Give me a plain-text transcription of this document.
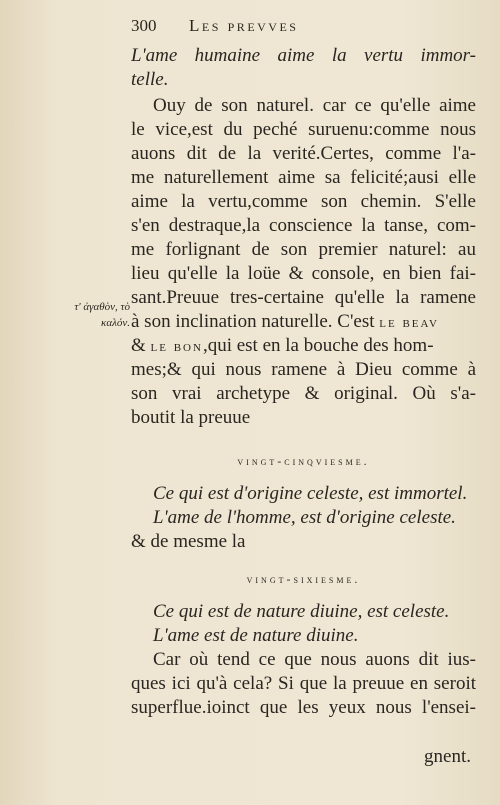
300 Les prevves
L'ame humaine aime la vertu immor-
telle.
Ouy de son naturel. car ce qu'elle aime
le vice,est du peché suruenu:comme nous
auons dit de la verité.Certes, comme l'a-
me naturellement aime sa felicité;ausi elle
aime la vertu,comme son chemin. S'elle
s'en destraque,la conscience la tanse, com-
me forlignant de son premier naturel: au
lieu qu'elle la loüe & console, en bien fai-
sant.Preuue tres-certaine qu'elle la ramene
à son inclination naturelle. C'est le beav
& le bon,qui est en la bouche des hom-
mes;& qui nous ramene à Dieu comme à
son vrai archetype & original. Où s'a-
boutit la preuue
vingt-cinqviesme.
Ce qui est d'origine celeste, est immortel.
L'ame de l'homme, est d'origine celeste.
& de mesme la
vingt-sixiesme.
Ce qui est de nature diuine, est celeste.
L'ame est de nature diuine.
Car où tend ce que nous auons dit ius-
ques ici qu'à cela? Si que la preuue en seroit
superflue.ioinct que les yeux nous l'ensei-
gnent.
τ' ἀγαθὸν, τὸ καλόν.
